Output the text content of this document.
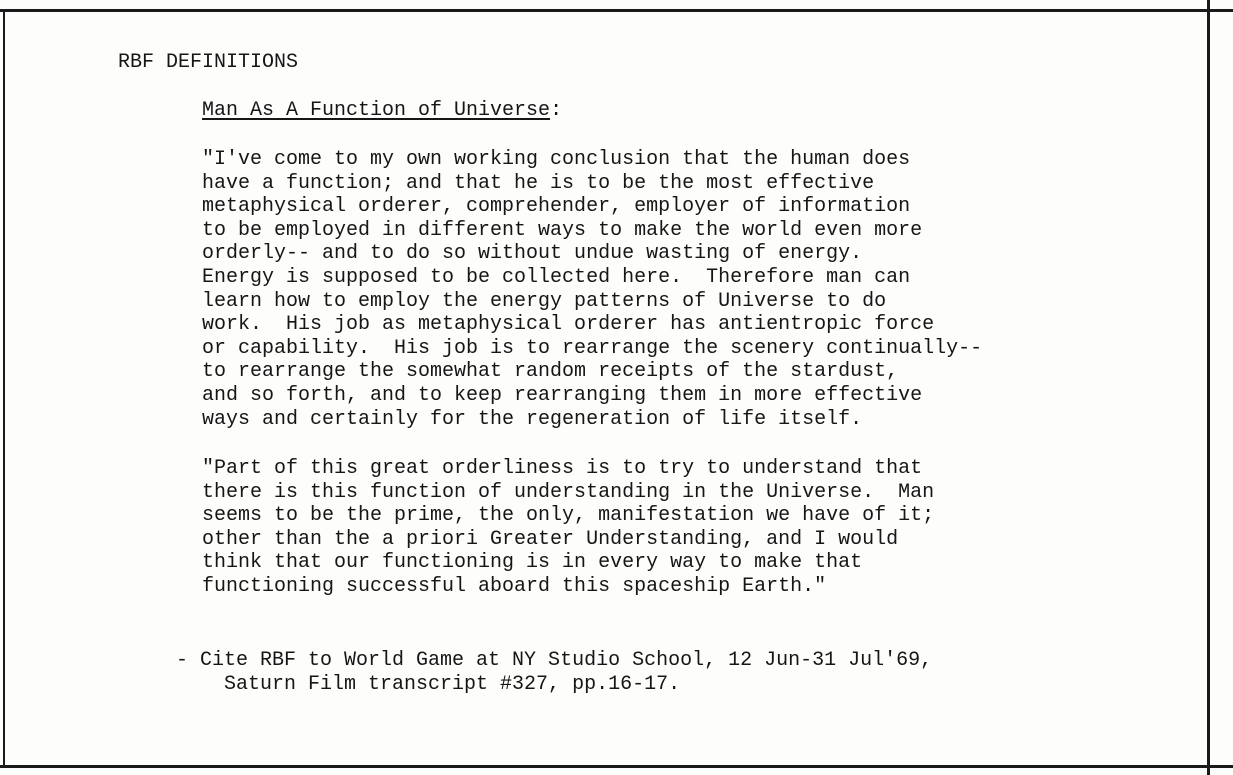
RBF DEFINITIONS
Man As A Function of Universe:
"I've come to my own working conclusion that the human does
have a function; and that he is to be the most effective
metaphysical orderer, comprehender, employer of information
to be employed in different ways to make the world even more
orderly-- and to do so without undue wasting of energy.
Energy is supposed to be collected here.  Therefore man can
learn how to employ the energy patterns of Universe to do
work.  His job as metaphysical orderer has antientropic force
or capability.  His job is to rearrange the scenery continually--
to rearrange the somewhat random receipts of the stardust,
and so forth, and to keep rearranging them in more effective
ways and certainly for the regeneration of life itself.
"Part of this great orderliness is to try to understand that
there is this function of understanding in the Universe.  Man
seems to be the prime, the only, manifestation we have of it;
other than the a priori Greater Understanding, and I would
think that our functioning is in every way to make that
functioning successful aboard this spaceship Earth."
- Cite RBF to World Game at NY Studio School, 12 Jun-31 Jul'69,
Saturn Film transcript #327, pp.16-17.
